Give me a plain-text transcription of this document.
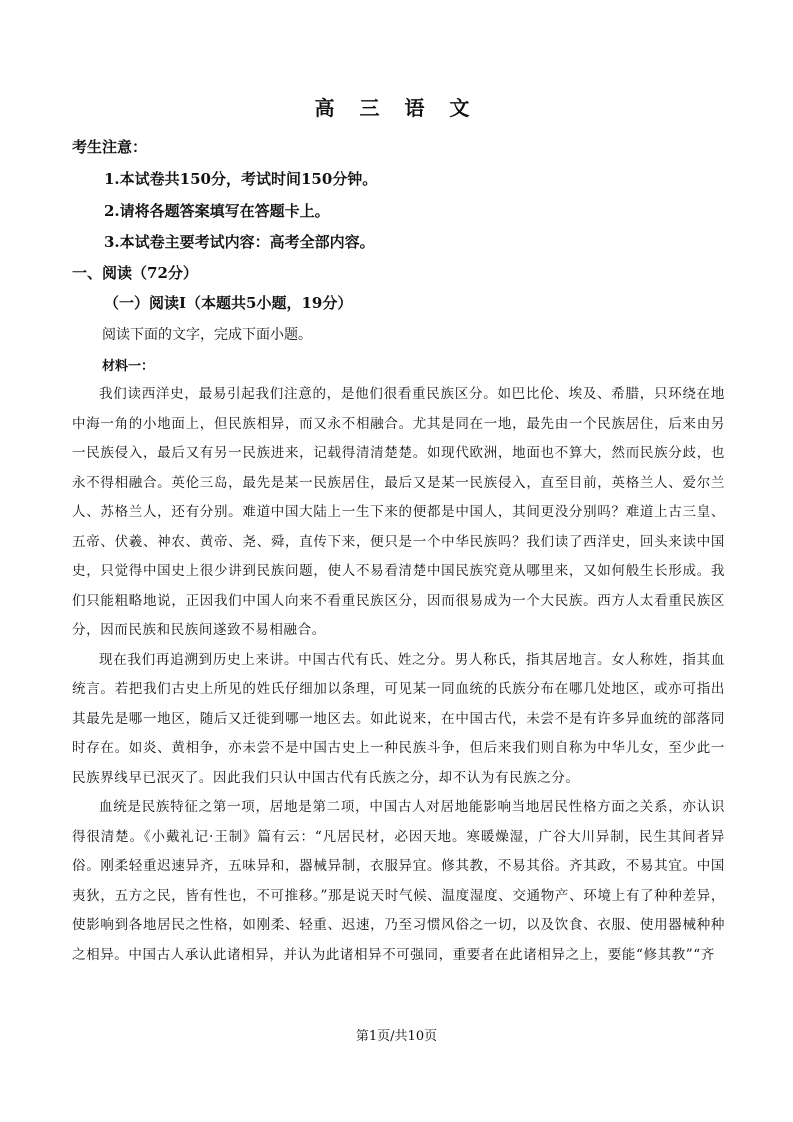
高 三 语 文
考生注意：
1.本试卷共150分，考试时间150分钟。
2.请将各题答案填写在答题卡上。
3.本试卷主要考试内容：高考全部内容。
一、阅读（72分）
（一）阅读Ⅰ（本题共5小题，19分）
阅读下面的文字，完成下面小题。
材料一：

我们读西洋史，最易引起我们注意的，是他们很看重民族区分。如巴比伦、埃及、希腊，只环绕在地中海一角的小地面上，但民族相异，而又永不相融合。尤其是同在一地，最先由一个民族居住，后来由另一民族侵入，最后又有另一民族进来，记载得清清楚楚。如现代欧洲，地面也不算大，然而民族分歧，也永不得相融合。英伦三岛，最先是某一民族居住，最后又是某一民族侵入，直至目前，英格兰人、爱尔兰人、苏格兰人，还有分别。难道中国大陆上一生下来的便都是中国人，其间更没分别吗？难道上古三皇、五帝、伏羲、神农、黄帝、尧、舜，直传下来，便只是一个中华民族吗？我们读了西洋史，回头来读中国史，只觉得中国史上很少讲到民族问题，使人不易看清楚中国民族究竟从哪里来，又如何般生长形成。我们只能粗略地说，正因我们中国人向来不看重民族区分，因而很易成为一个大民族。西方人太看重民族区分，因而民族和民族间遂致不易相融合。

现在我们再追溯到历史上来讲。中国古代有氏、姓之分。男人称氏，指其居地言。女人称姓，指其血统言。若把我们古史上所见的姓氏仔细加以条理，可见某一同血统的氏族分布在哪几处地区，或亦可指出其最先是哪一地区，随后又迁徙到哪一地区去。如此说来，在中国古代，未尝不是有许多异血统的部落同时存在。如炎、黄相争，亦未尝不是中国古史上一种民族斗争，但后来我们则自称为中华儿女，至少此一民族界线早已泯灭了。因此我们只认中国古代有氏族之分，却不认为有民族之分。

血统是民族特征之第一项，居地是第二项，中国古人对居地能影响当地居民性格方面之关系，亦认识得很清楚。《小戴礼记·王制》篇有云：“凡居民材，必因天地。寒暖燥湿，广谷大川异制，民生其间者异俗。刚柔轻重迟速异齐，五味异和，器械异制，衣服异宜。修其教，不易其俗。齐其政，不易其宜。中国夷狄，五方之民，皆有性也，不可推移。”那是说天时气候、温度湿度、交通物产、环境上有了种种差异，使影响到各地居民之性格，如刚柔、轻重、迟速，乃至习惯风俗之一切，以及饮食、衣服、使用器械种种之相异。中国古人承认此诸相异，并认为此诸相异不可强同，重要者在此诸相异之上，要能“修其教”“齐

第1页/共10页
